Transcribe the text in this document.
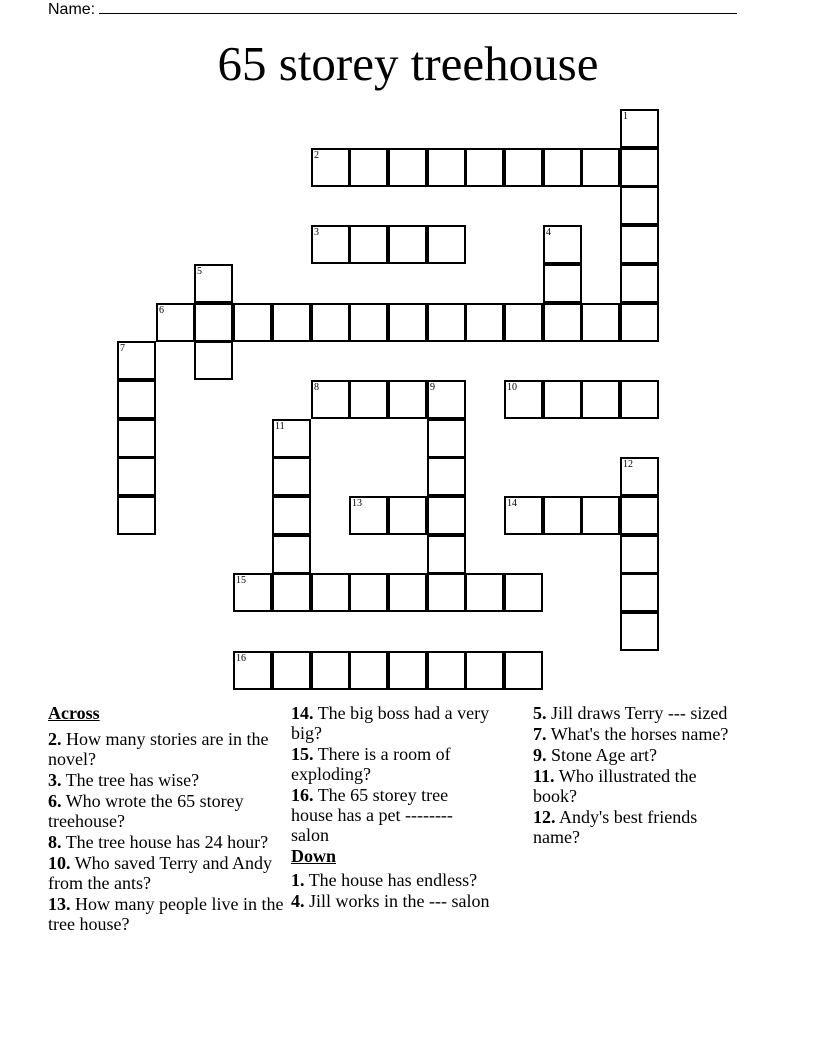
Name:
65 storey treehouse
1
2
3	4
5
6
7
8	9	10
11
12
13	14
15
16
Across
2. How many stories are in the novel?
3. The tree has wise?
6. Who wrote the 65 storey treehouse?
8. The tree house has 24 hour?
10. Who saved Terry and Andy from the ants?
13. How many people live in the tree house?
14. The big boss had a very big?
15. There is a room of exploding?
16. The 65 storey tree house has a pet -------- salon
Down
1. The house has endless?
4. Jill works in the --- salon
5. Jill draws Terry --- sized
7. What's the horses name?
9. Stone Age art?
11. Who illustrated the book?
12. Andy's best friends name?
